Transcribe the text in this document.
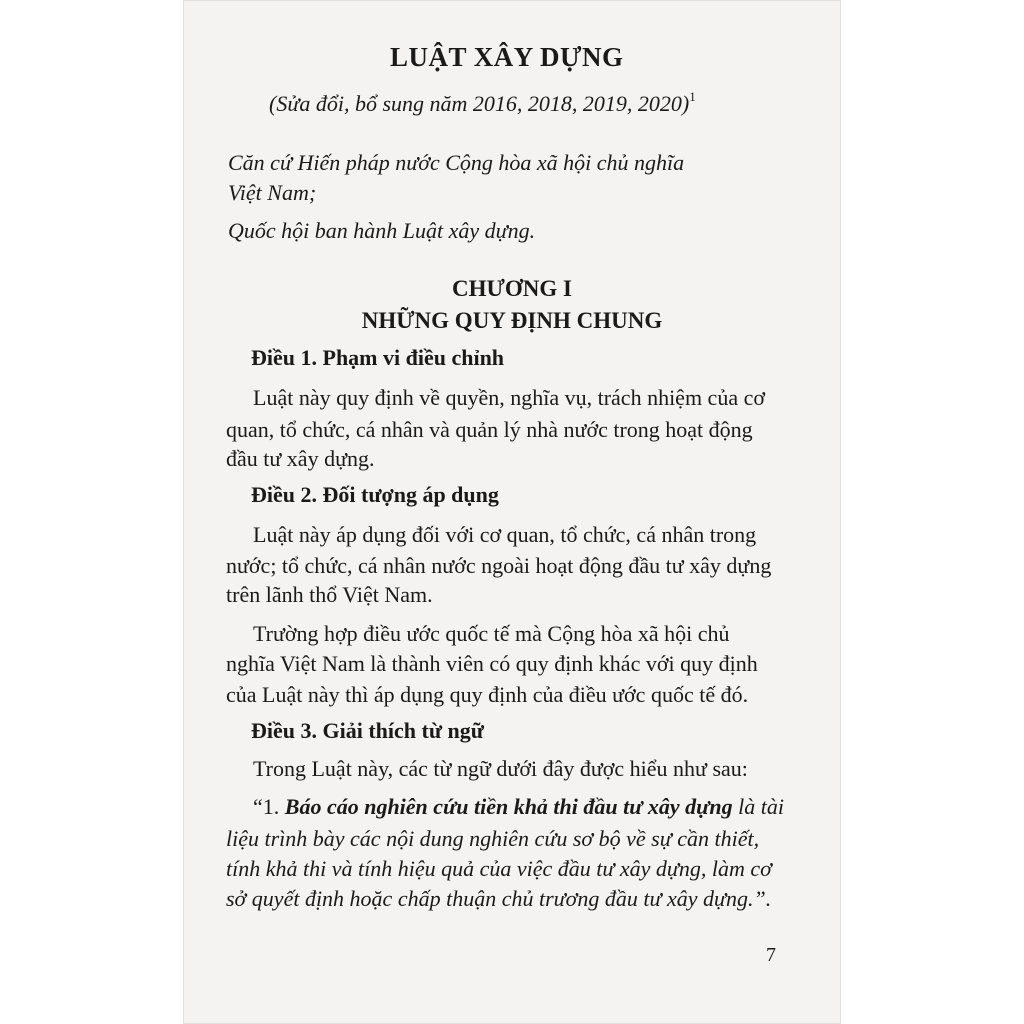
LUẬT XÂY DỰNG
(Sửa đổi, bổ sung năm 2016, 2018, 2019, 2020)$^1$
Căn cứ Hiến pháp nước Cộng hòa xã hội chủ nghĩa
Việt Nam;
Quốc hội ban hành Luật xây dựng.
CHƯƠNG I
NHỮNG QUY ĐỊNH CHUNG
Điều 1. Phạm vi điều chỉnh
Luật này quy định về quyền, nghĩa vụ, trách nhiệm của cơ
quan, tổ chức, cá nhân và quản lý nhà nước trong hoạt động
đầu tư xây dựng.
Điều 2. Đối tượng áp dụng
Luật này áp dụng đối với cơ quan, tổ chức, cá nhân trong
nước; tổ chức, cá nhân nước ngoài hoạt động đầu tư xây dựng
trên lãnh thổ Việt Nam.
Trường hợp điều ước quốc tế mà Cộng hòa xã hội chủ
nghĩa Việt Nam là thành viên có quy định khác với quy định
của Luật này thì áp dụng quy định của điều ước quốc tế đó.
Điều 3. Giải thích từ ngữ
Trong Luật này, các từ ngữ dưới đây được hiểu như sau:
“1. Báo cáo nghiên cứu tiền khả thi đầu tư xây dựng là tài
liệu trình bày các nội dung nghiên cứu sơ bộ về sự cần thiết,
tính khả thi và tính hiệu quả của việc đầu tư xây dựng, làm cơ
sở quyết định hoặc chấp thuận chủ trương đầu tư xây dựng.”.
7
